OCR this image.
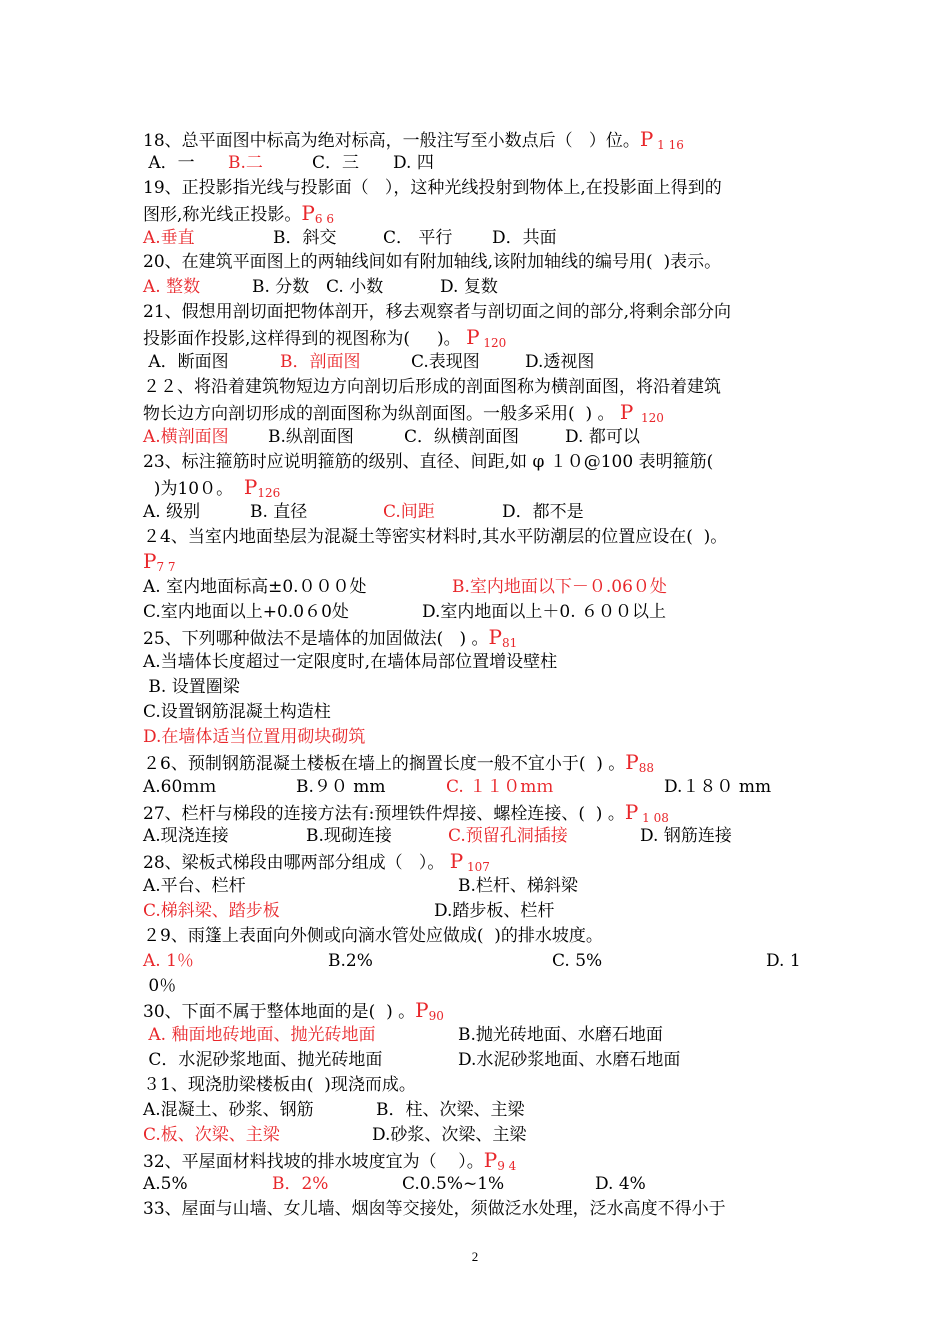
18、总平面图中标高为绝对标高，一般注写至小数点后（   ）位。P $_{1 16}$
A．一 B.二	C．三 D. 四
19、正投影指光线与投影面（   ），这种光线投射到物体上,在投影面上得到的
图形,称光线正投影。$P_{6 6}$
A.垂直	B．斜交	C． 平行 D．共面
20、在建筑平面图上的两轴线间如有附加轴线,该附加轴线的编号用(  )表示。
A. 整数	B. 分数 C. 小数	D. 复数
21、假想用剖切面把物体剖开，移去观察者与剖切面之间的部分,将剩余部分向
投影面作投影,这样得到的视图称为(     )。 P $_{120}$
A．断面图	B．剖面图	C.表现图	D.透视图
２２、将沿着建筑物短边方向剖切后形成的剖面图称为横剖面图，将沿着建筑
物长边方向剖切形成的剖面图称为纵剖面图。一般多采用(  ) 。 P  $_{120}$
A.横剖面图 B.纵剖面图	C．纵横剖面图	D. 都可以
23、标注箍筋时应说明箍筋的级别、直径、间距,如 φ １０@100 表明箍筋(
)为10０。  $P_{126}$
A. 级别	B. 直径	C.间距	D．都不是
２4、当室内地面垫层为混凝土等密实材料时,其水平防潮层的位置应设在(  )。
$P_{7 7}$
A. 室内地面标高±0.０００处	B.室内地面以下－０.06０处
C.室内地面以上+0.0６0处	D.室内地面以上＋0. ６００以上
25、下列哪种做法不是墙体的加固做法(   ) 。$P_{81}$
A.当墙体长度超过一定限度时,在墙体局部位置增设壁柱
B. 设置圈梁
C.设置钢筋混凝土构造柱
D.在墙体适当位置用砌块砌筑
２6、预制钢筋混凝土楼板在墙上的搁置长度一般不宜小于(  ) 。$P_{88}$
A.60ｍｍ	B.９０ mm	C. １１０mｍ	D.１８０ mm
27、栏杆与梯段的连接方法有:预埋铁件焊接、螺栓连接、(  ) 。P $_{1 08}$
A.现浇连接	B.现砌连接	C.预留孔洞插接	D. 钢筋连接
28、梁板式梯段由哪两部分组成（   ）。 P $_{107}$
A.平台、栏杆	B.栏杆、梯斜梁
C.梯斜梁、踏步板	D.踏步板、栏杆
２9、雨篷上表面向外侧或向滴水管处应做成(  )的排水坡度。
A. 1％	B.2%	C. 5%	D. 1
0％
30、下面不属于整体地面的是(  ) 。$P_{90}$
A. 釉面地砖地面、抛光砖地面	B.抛光砖地面、水磨石地面
C．水泥砂浆地面、抛光砖地面	D.水泥砂浆地面、水磨石地面
３1、现浇肋梁楼板由(  )现浇而成。
A.混凝土、砂浆、钢筋	B．柱、次梁、主梁
C.板、次梁、主梁	D.砂浆、次梁、主梁
32、平屋面材料找坡的排水坡度宜为（    ）。$P_{9 4}$
A.5%	B．2%	C.0.5%~1%	D. 4%
33、屋面与山墙、女儿墙、烟囱等交接处，须做泛水处理，泛水高度不得小于
2
